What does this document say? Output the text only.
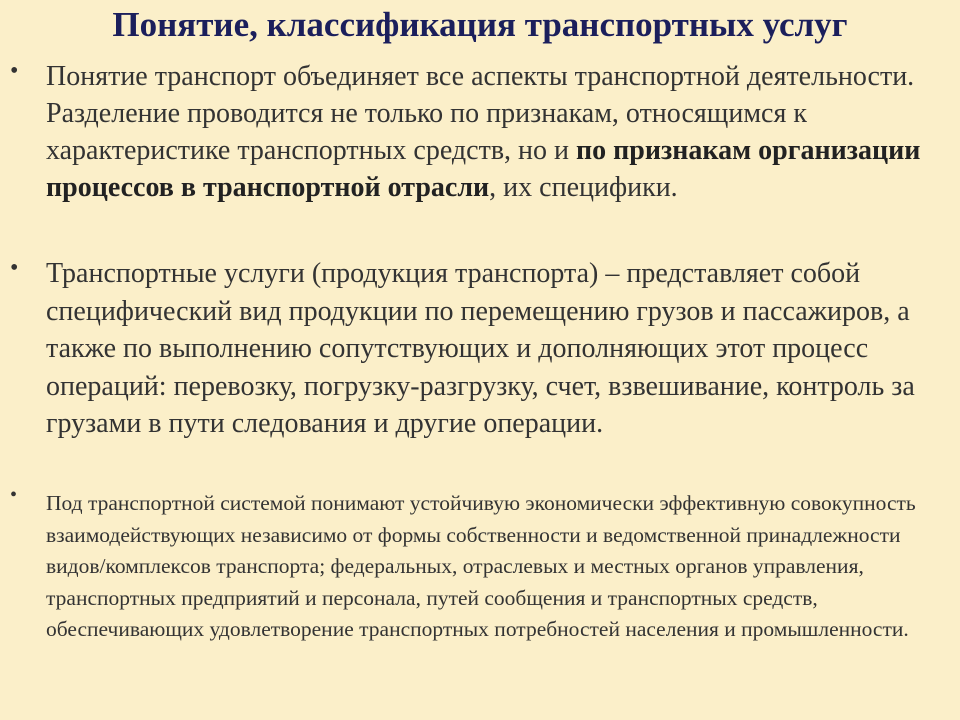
Понятие, классификация транспортных услуг
• Понятие транспорт объединяет все аспекты транспортной деятельности. Разделение проводится не только по признакам, относящимся к характеристике транспортных средств, но и по признакам организации процессов в транспортной отрасли, их специфики.

• Транспортные услуги (продукция транспорта) – представляет собой специфический вид продукции по перемещению грузов и пассажиров, а также по выполнению сопутствующих и дополняющих этот процесс операций: перевозку, погрузку-разгрузку, счет, взвешивание, контроль за грузами в пути следования и другие операции.

• Под транспортной системой понимают устойчивую экономически эффективную совокупность взаимодействующих независимо от формы собственности и ведомственной принадлежности видов/комплексов транспорта; федеральных, отраслевых и местных органов управления, транспортных предприятий и персонала, путей сообщения и транспортных средств, обеспечивающих удовлетворение транспортных потребностей населения и промышленности.
